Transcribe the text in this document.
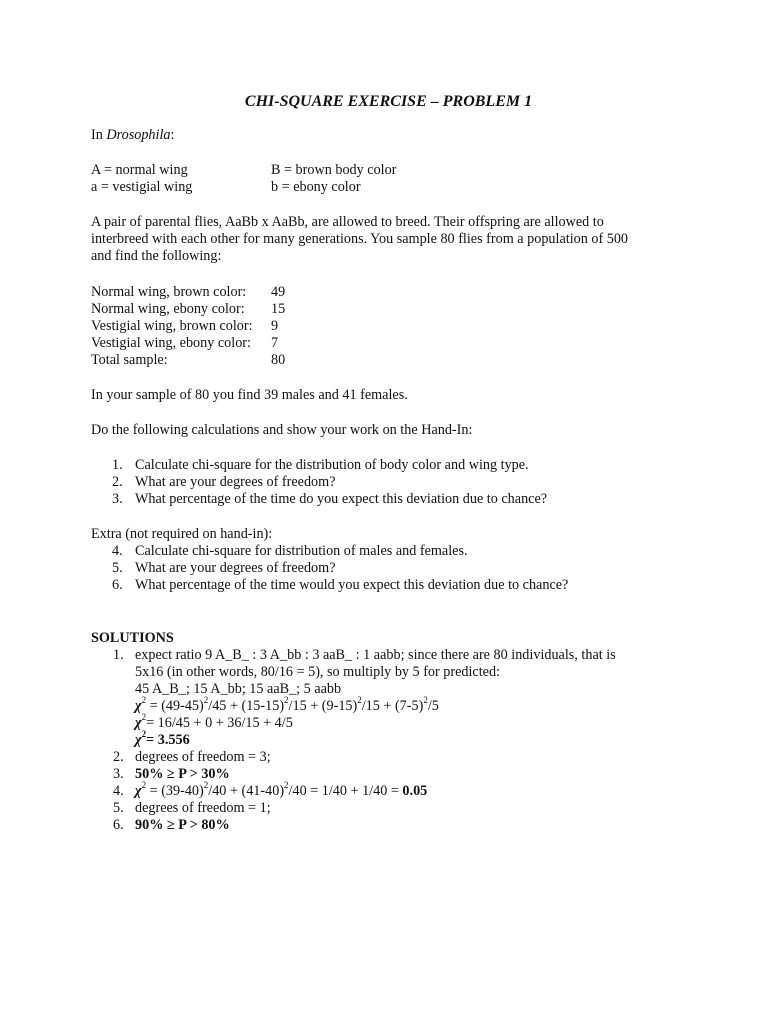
CHI-SQUARE EXERCISE – PROBLEM 1
In Drosophila:
A = normal wing	B = brown body color
a = vestigial wing	b = ebony color
A pair of parental flies, AaBb x AaBb, are allowed to breed. Their offspring are allowed to
interbreed with each other for many generations. You sample 80 flies from a population of 500
and find the following:
Normal wing, brown color: 49
Normal wing, ebony color: 15
Vestigial wing, brown color: 9
Vestigial wing, ebony color: 7
Total sample:	80
In your sample of 80 you find 39 males and 41 females.
Do the following calculations and show your work on the Hand-In:
1. Calculate chi-square for the distribution of body color and wing type.
2. What are your degrees of freedom?
3. What percentage of the time do you expect this deviation due to chance?
Extra (not required on hand-in):
4. Calculate chi-square for distribution of males and females.
5. What are your degrees of freedom?
6. What percentage of the time would you expect this deviation due to chance?
SOLUTIONS
1. expect ratio 9 A_B_ : 3 A_bb : 3 aaB_ : 1 aabb; since there are 80 individuals, that is
5x16 (in other words, 80/16 = 5), so multiply by 5 for predicted:
45 A_B_; 15 A_bb; 15 aaB_; 5 aabb
$\chi^2 = (49-45)^2/45 + (15-15)^2/15 + (9-15)^2/15 + (7-5)^2/5$
$\chi^2= 16/45 + 0 + 36/15 + 4/5$
$\chi^2= 3.556$
2. degrees of freedom = 3;
3. 50% ≥ P > 30%
4. $\chi^2 = (39-40)^2/40 + (41-40)^2/40 = 1/40 + 1/40 = 0.05$
5. degrees of freedom = 1;
6. 90% ≥ P > 80%
